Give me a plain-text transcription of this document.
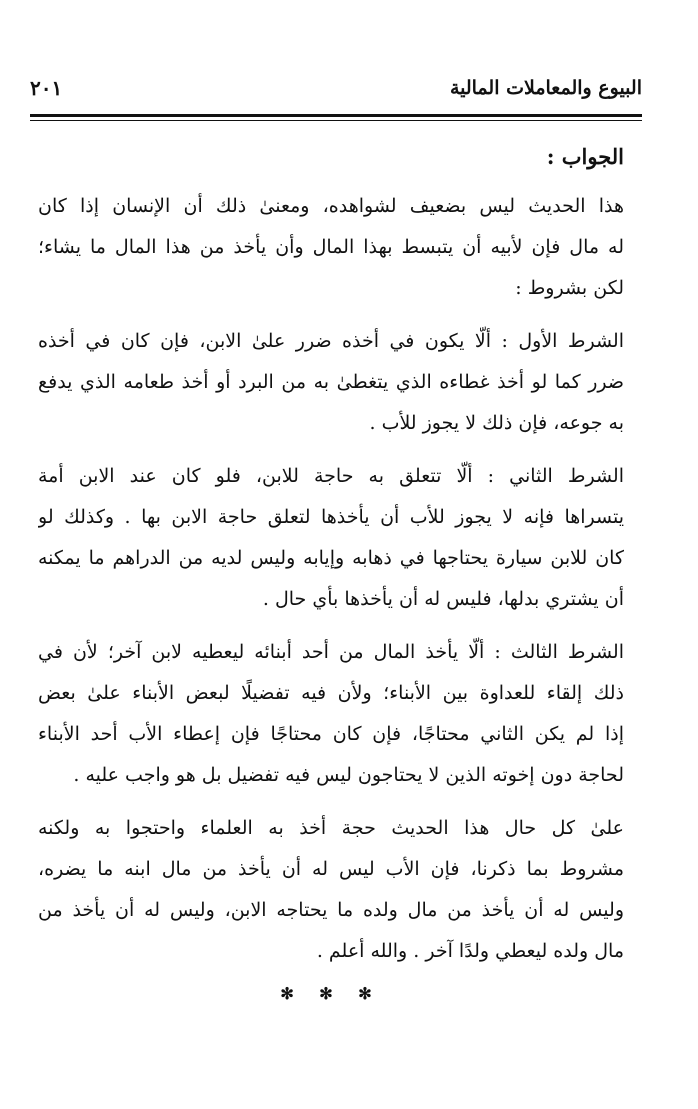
البيوع والمعاملات المالية
٢٠١
الجواب :
هذا الحديث ليس بضعيف لشواهده، ومعنىٰ ذلك أن الإنسان إذا كان
له مال فإن لأبيه أن يتبسط بهذا المال وأن يأخذ من هذا المال ما يشاء؛
لكن بشروط :
الشرط الأول : ألّا يكون في أخذه ضرر علىٰ الابن، فإن كان في أخذه
ضرر كما لو أخذ غطاءه الذي يتغطىٰ به من البرد أو أخذ طعامه الذي يدفع
به جوعه، فإن ذلك لا يجوز للأب .
الشرط الثاني : ألّا تتعلق به حاجة للابن، فلو كان عند الابن أمة
يتسراها فإنه لا يجوز للأب أن يأخذها لتعلق حاجة الابن بها . وكذلك لو
كان للابن سيارة يحتاجها في ذهابه وإيابه وليس لديه من الدراهم ما يمكنه
أن يشتري بدلها، فليس له أن يأخذها بأي حال .
الشرط الثالث : ألّا يأخذ المال من أحد أبنائه ليعطيه لابن آخر؛ لأن في
ذلك إلقاء للعداوة بين الأبناء؛ ولأن فيه تفضيلًا لبعض الأبناء علىٰ بعض
إذا لم يكن الثاني محتاجًا، فإن كان محتاجًا فإن إعطاء الأب أحد الأبناء
لحاجة دون إخوته الذين لا يحتاجون ليس فيه تفضيل بل هو واجب عليه .
علىٰ كل حال هذا الحديث حجة أخذ به العلماء واحتجوا به ولكنه
مشروط بما ذكرنا، فإن الأب ليس له أن يأخذ من مال ابنه ما يضره،
وليس له أن يأخذ من مال ولده ما يحتاجه الابن، وليس له أن يأخذ من
مال ولده ليعطي ولدًا آخر . والله أعلم .
✻ ✻ ✻
